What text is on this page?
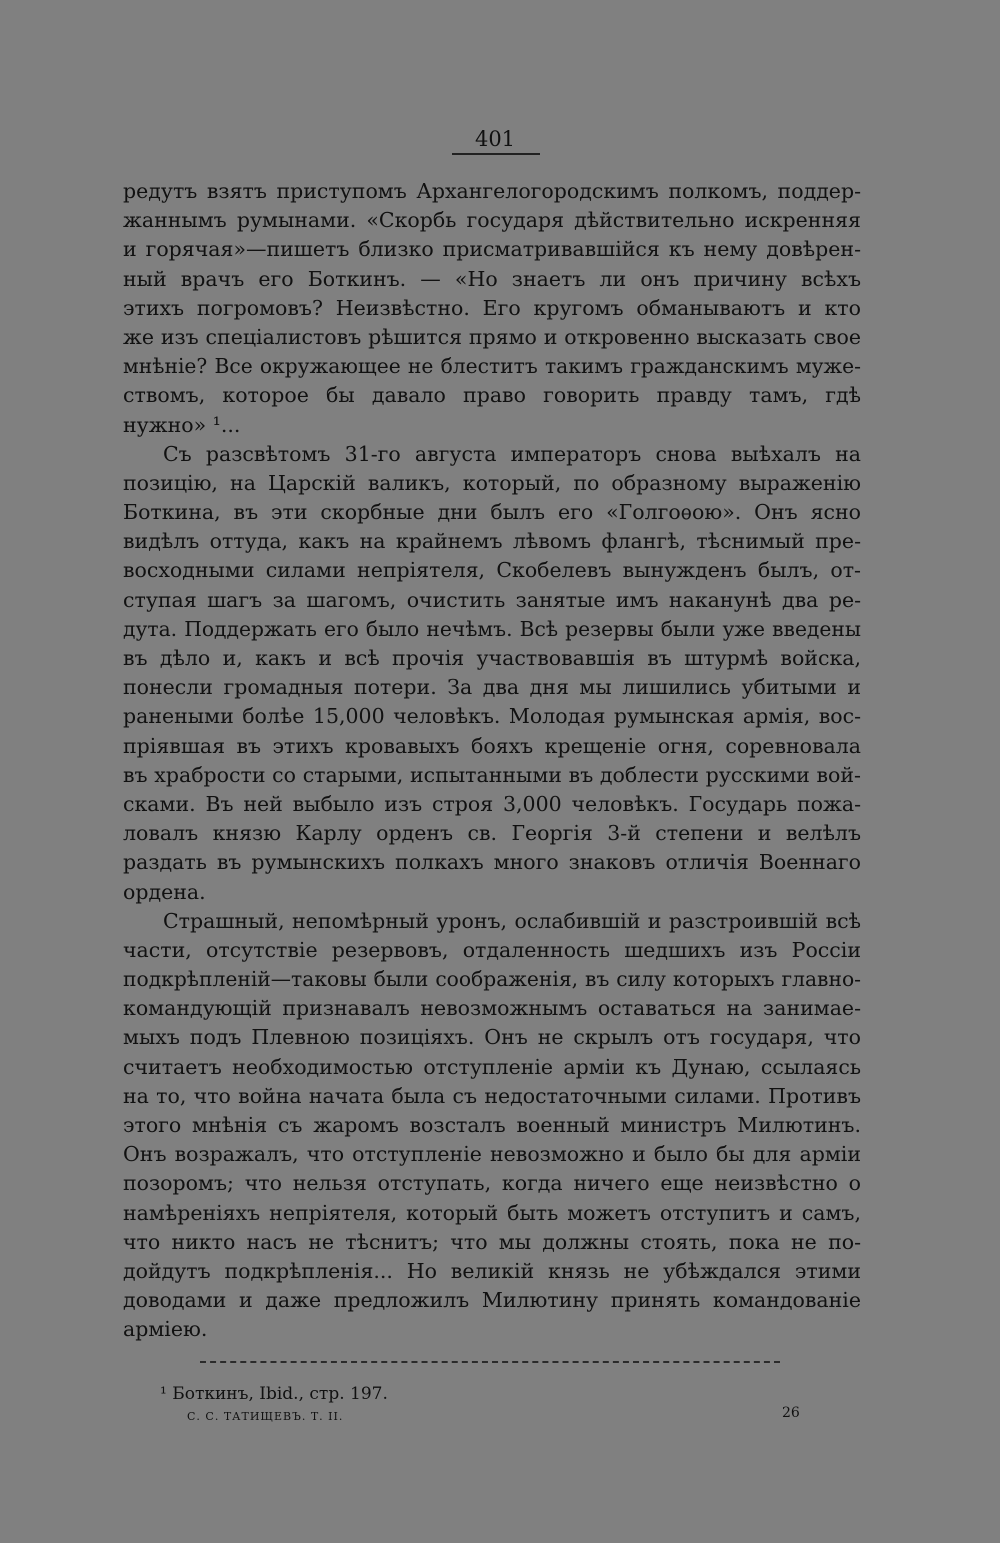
401
редутъ взятъ приступомъ Архангелогородскимъ полкомъ, поддер-
жаннымъ румынами. «Скорбь государя дѣйствительно искренняя
и горячая»—пишетъ близко присматривавшійся къ нему довѣрен-
ный врачъ его Боткинъ. — «Но знаетъ ли онъ причину всѣхъ
этихъ погромовъ? Неизвѣстно. Его кругомъ обманываютъ и кто
же изъ спеціалистовъ рѣшится прямо и откровенно высказать свое
мнѣніе? Все окружающее не блеститъ такимъ гражданскимъ муже-
ствомъ, которое бы давало право говорить правду тамъ, гдѣ
нужно» ¹...
Съ разсвѣтомъ 31-го августа императоръ снова выѣхалъ на
позицію, на Царскій валикъ, который, по образному выраженію
Боткина, въ эти скорбные дни былъ его «Голгоѳою». Онъ ясно
видѣлъ оттуда, какъ на крайнемъ лѣвомъ флангѣ, тѣснимый пре-
восходными силами непріятеля, Скобелевъ вынужденъ былъ, от-
ступая шагъ за шагомъ, очистить занятые имъ наканунѣ два ре-
дута. Поддержать его было нечѣмъ. Всѣ резервы были уже введены
въ дѣло и, какъ и всѣ прочія участвовавшія въ штурмѣ войска,
понесли громадныя потери. За два дня мы лишились убитыми и
ранеными болѣе 15,000 человѣкъ. Молодая румынская армія, вос-
пріявшая въ этихъ кровавыхъ бояхъ крещеніе огня, соревновала
въ храбрости со старыми, испытанными въ доблести русскими вой-
сками. Въ ней выбыло изъ строя 3,000 человѣкъ. Государь пожа-
ловалъ князю Карлу орденъ св. Георгія 3-й степени и велѣлъ
раздать въ румынскихъ полкахъ много знаковъ отличія Военнаго
ордена.
Страшный, непомѣрный уронъ, ослабившій и разстроившій всѣ
части, отсутствіе резервовъ, отдаленность шедшихъ изъ Россіи
подкрѣпленій—таковы были соображенія, въ силу которыхъ главно-
командующій признавалъ невозможнымъ оставаться на занимае-
мыхъ подъ Плевною позиціяхъ. Онъ не скрылъ отъ государя, что
считаетъ необходимостью отступленіе арміи къ Дунаю, ссылаясь
на то, что война начата была съ недостаточными силами. Противъ
этого мнѣнія съ жаромъ возсталъ военный министръ Милютинъ.
Онъ возражалъ, что отступленіе невозможно и было бы для арміи
позоромъ; что нельзя отступать, когда ничего еще неизвѣстно о
намѣреніяхъ непріятеля, который быть можетъ отступитъ и самъ,
что никто насъ не тѣснитъ; что мы должны стоять, пока не по-
дойдутъ подкрѣпленія... Но великій князь не убѣждался этими
доводами и даже предложилъ Милютину принять командованіе
арміею.
¹ Боткинъ, Ibid., стр. 197.
С. С. ТАТИЩЕВЪ. Т. II.	26
